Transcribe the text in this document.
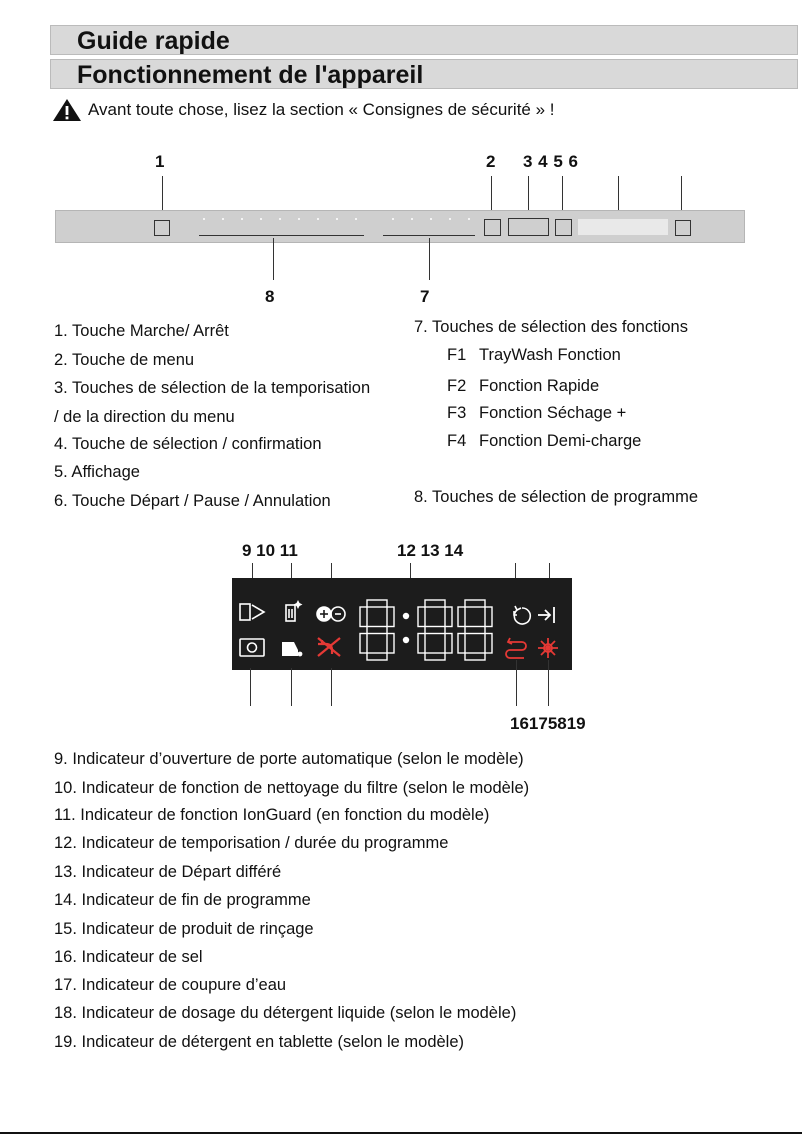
Guide rapide
Fonctionnement de l'appareil
Avant toute chose, lisez la section « Consignes de sécurité » !
1	2 3 4 5 6
8	7
1. Touche Marche/ Arrêt
2. Touche de menu
3. Touches de sélection de la temporisation
/ de la direction du menu
4. Touche de sélection / confirmation
5. Affichage
6. Touche Départ / Pause / Annulation
7. Touches de sélection des fonctions
F1 TrayWash Fonction
F2 Fonction Rapide
F3 Fonction Séchage +
F4 Fonction Demi-charge
8. Touches de sélection de programme
9 10 11	12 13 14
16175819
9. Indicateur d’ouverture de porte automatique (selon le modèle)
10. Indicateur de fonction de nettoyage du filtre (selon le modèle)
11. Indicateur de fonction IonGuard (en fonction du modèle)
12. Indicateur de temporisation / durée du programme
13. Indicateur de Départ différé
14. Indicateur de fin de programme
15. Indicateur de produit de rinçage
16. Indicateur de sel
17. Indicateur de coupure d’eau
18. Indicateur de dosage du détergent liquide (selon le modèle)
19. Indicateur de détergent en tablette (selon le modèle)
